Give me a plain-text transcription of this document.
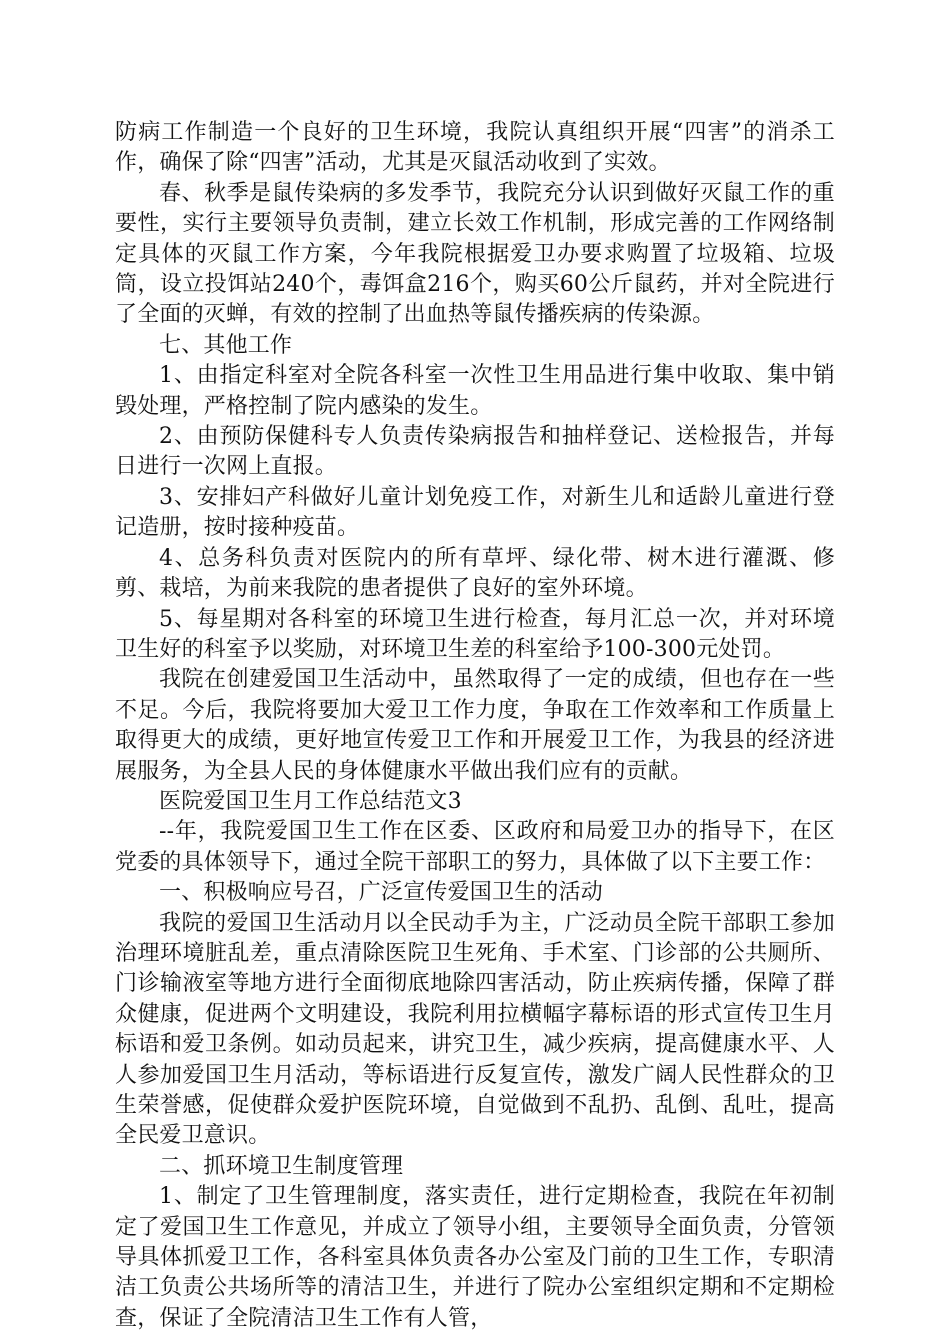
防病工作制造一个良好的卫生环境，我院认真组织开展“四害”的消杀工作，确保了除“四害”活动，尤其是灭鼠活动收到了实效。

春、秋季是鼠传染病的多发季节，我院充分认识到做好灭鼠工作的重要性，实行主要领导负责制，建立长效工作机制，形成完善的工作网络制定具体的灭鼠工作方案，今年我院根据爱卫办要求购置了垃圾箱、垃圾筒，设立投饵站240个，毒饵盒216个，购买60公斤鼠药，并对全院进行了全面的灭蝉，有效的控制了出血热等鼠传播疾病的传染源。

七、其他工作

1、由指定科室对全院各科室一次性卫生用品进行集中收取、集中销毁处理，严格控制了院内感染的发生。

2、由预防保健科专人负责传染病报告和抽样登记、送检报告，并每日进行一次网上直报。

3、安排妇产科做好儿童计划免疫工作，对新生儿和适龄儿童进行登记造册，按时接种疫苗。

4、总务科负责对医院内的所有草坪、绿化带、树木进行灌溉、修剪、栽培，为前来我院的患者提供了良好的室外环境。

5、每星期对各科室的环境卫生进行检查，每月汇总一次，并对环境卫生好的科室予以奖励，对环境卫生差的科室给予100-300元处罚。

我院在创建爱国卫生活动中，虽然取得了一定的成绩，但也存在一些不足。今后，我院将要加大爱卫工作力度，争取在工作效率和工作质量上取得更大的成绩，更好地宣传爱卫工作和开展爱卫工作，为我县的经济进展服务，为全县人民的身体健康水平做出我们应有的贡献。

医院爱国卫生月工作总结范文3

--年，我院爱国卫生工作在区委、区政府和局爱卫办的指导下，在区党委的具体领导下，通过全院干部职工的努力，具体做了以下主要工作：

一、积极响应号召，广泛宣传爱国卫生的活动

我院的爱国卫生活动月以全民动手为主，广泛动员全院干部职工参加治理环境脏乱差，重点清除医院卫生死角、手术室、门诊部的公共厕所、门诊输液室等地方进行全面彻底地除四害活动，防止疾病传播，保障了群众健康，促进两个文明建设，我院利用拉横幅字幕标语的形式宣传卫生月标语和爱卫条例。如动员起来，讲究卫生，减少疾病，提高健康水平、人人参加爱国卫生月活动，等标语进行反复宣传，激发广阔人民性群众的卫生荣誉感，促使群众爱护医院环境，自觉做到不乱扔、乱倒、乱吐，提高全民爱卫意识。

二、抓环境卫生制度管理

1、制定了卫生管理制度，落实责任，进行定期检查，我院在年初制定了爱国卫生工作意见，并成立了领导小组，主要领导全面负责，分管领导具体抓爱卫工作，各科室具体负责各办公室及门前的卫生工作，专职清洁工负责公共场所等的清洁卫生，并进行了院办公室组织定期和不定期检查，保证了全院清洁卫生工作有人管，
